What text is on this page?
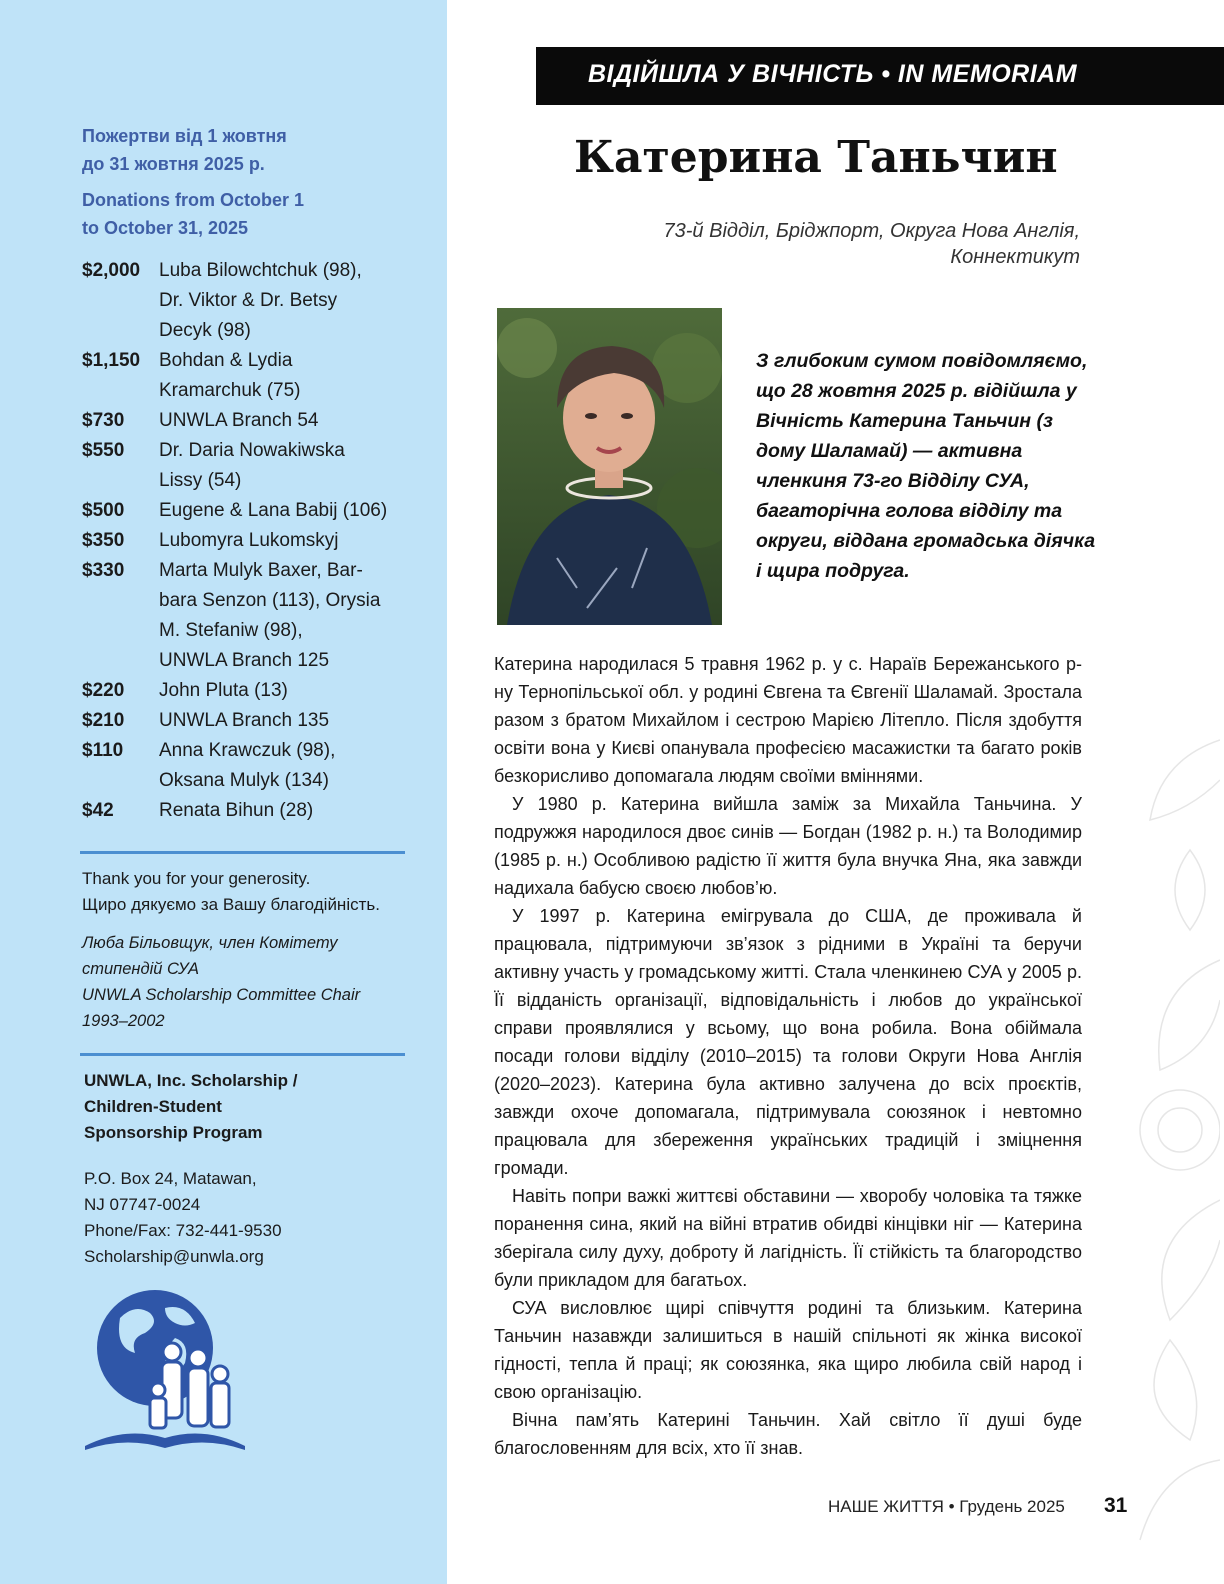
Пожертви від 1 жовтня
до 31 жовтня 2025 р.

Donations from October 1
to October 31, 2025

$2,000 Luba Bilowchtchuk (98),
Dr. Viktor & Dr. Betsy
Decyk (98)
$1,150 Bohdan & Lydia
Kramarchuk (75)
$730	UNWLA Branch 54
$550	Dr. Daria Nowakiwska
Lissy (54)
$500	Eugene & Lana Babij (106)
$350	Lubomyra Lukomskyj
$330	Marta Mulyk Baxer, Bar-
bara Senzon (113), Orysia
M. Stefaniw (98),
UNWLA Branch 125
$220	John Pluta (13)
$210	UNWLA Branch 135
$110	Anna Krawczuk (98),
Oksana Mulyk (134)
$42	Renata Bihun (28)
Thank you for your generosity.
Щиро дякуємо за Вашу благодійність.
Люба Більовщук, член Комітету
стипендій СУА
UNWLA Scholarship Committee Chair
1993–2002
UNWLA, Inc. Scholarship /
Children-Student
Sponsorship Program
P.O. Box 24, Matawan,
NJ 07747-0024
Phone/Fax: 732-441-9530
Scholarship@unwla.org
ВІДІЙШЛА У ВІЧНІСТЬ • IN MEMORIAM
Катерина Таньчин
73-й Відділ, Бріджпорт, Округа Нова Англія,
Коннектикут
З глибоким сумом повідомляємо, що 28 жовтня 2025 р. відійшла у Вічність Катерина Таньчин (з дому Шаламай) — активна членкиня 73-го Відділу СУА, багаторічна голова відділу та округи, віддана громадська діячка і щира подруга.

Катерина народилася 5 травня 1962 р. у с. Нараїв Бережанського р-ну Тернопільської обл. у родині Євгена та Євгенії Шаламай. Зростала разом з братом Михайлом і сестрою Марією Літепло. Після здобуття освіти вона у Києві опанувала професією масажистки та багато років безкорисливо допомагала людям своїми вміннями.

У 1980 р. Катерина вийшла заміж за Михайла Таньчина. У подружжя народилося двоє синів — Богдан (1982 р. н.) та Володимир (1985 р. н.) Особливою радістю її життя була внучка Яна, яка завжди надихала бабусю своєю любов’ю.

У 1997 р. Катерина емігрувала до США, де проживала й працювала, підтримуючи зв’язок з рідними в Україні та беручи активну участь у громадському житті. Стала членкинею СУА у 2005 р. Її відданість організації, відповідальність і любов до української справи проявлялися у всьому, що вона робила. Вона обіймала посади голови відділу (2010–2015) та голови Округи Нова Англія (2020–2023). Катерина була активно залучена до всіх проєктів, завжди охоче допомагала, підтримувала союзянок і невтомно працювала для збереження українських традицій і зміцнення громади.

Навіть попри важкі життєві обставини — хворобу чоловіка та тяжке поранення сина, який на війні втратив обидві кінцівки ніг — Катерина зберігала силу духу, доброту й лагідність. Її стійкість та благородство були прикладом для багатьох.

СУА висловлює щирі співчуття родині та близьким. Катерина Таньчин назавжди залишиться в нашій спільноті як жінка високої гідності, тепла й праці; як союзянка, яка щиро любила свій народ і свою організацію.

Вічна пам’ять Катерині Таньчин. Хай світло її душі буде благословенням для всіх, хто її знав.

НАШЕ ЖИТТЯ • Грудень 2025 31
